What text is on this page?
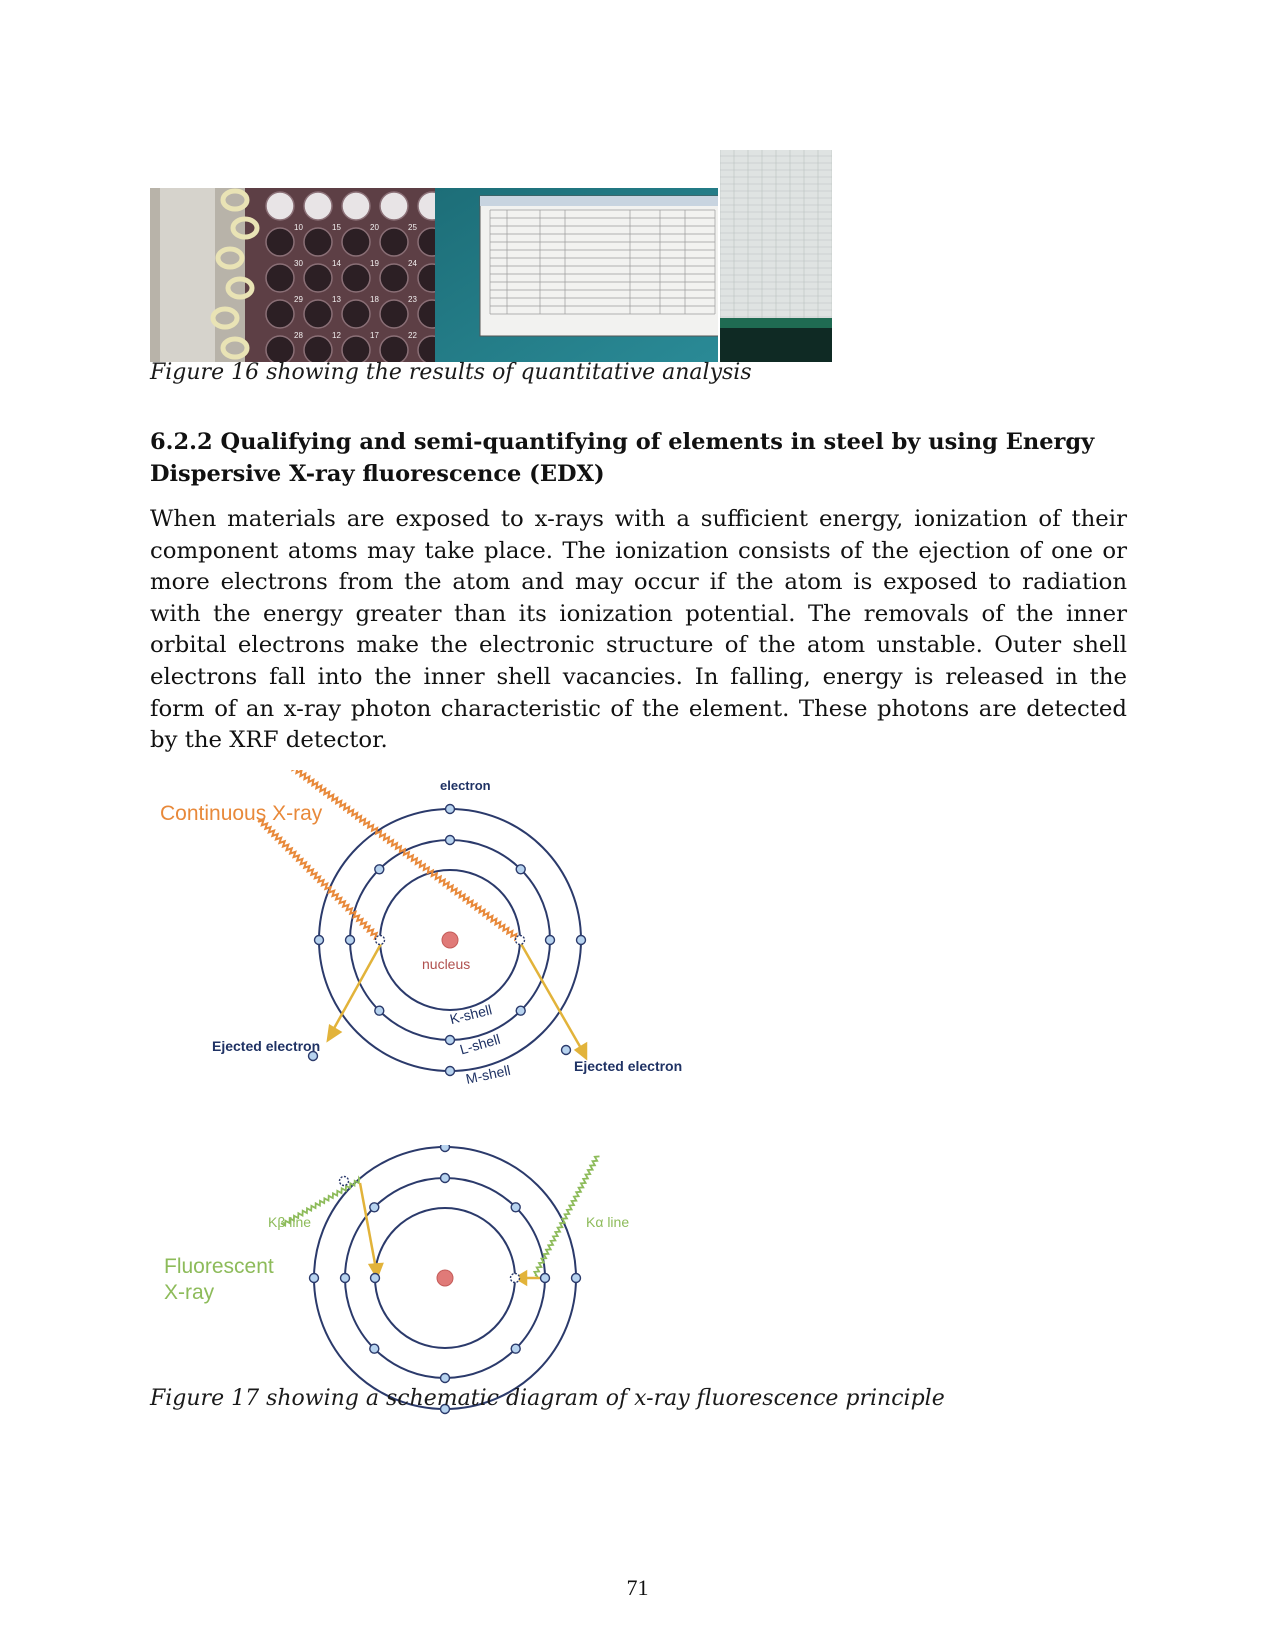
10	15	20	25
30	14	19	24
29	13	18	23
28	12	17	22

Figure 16 showing the results of quantitative analysis

6.2.2 Qualifying and semi-quantifying of elements in steel by using Energy Dispersive X-ray fluorescence (EDX)

When materials are exposed to x-rays with a sufficient energy, ionization of their component atoms may take place. The ionization consists of the ejection of one or more electrons from the atom and may occur if the atom is exposed to radiation with the energy greater than its ionization potential. The removals of the inner orbital electrons make the electronic structure of the atom unstable. Outer shell electrons fall into the inner shell vacancies. In falling, energy is released in the form of an x-ray photon characteristic of the element. These photons are detected by the XRF detector.

Continuous X-ray
electron
nucleus
K-shell
L-shell
M-shell
Ejected electron
Ejected electron
Kβ line	Kα line
Fluorescent
X-ray

Figure 17 showing a schematic diagram of x-ray fluorescence principle

71
